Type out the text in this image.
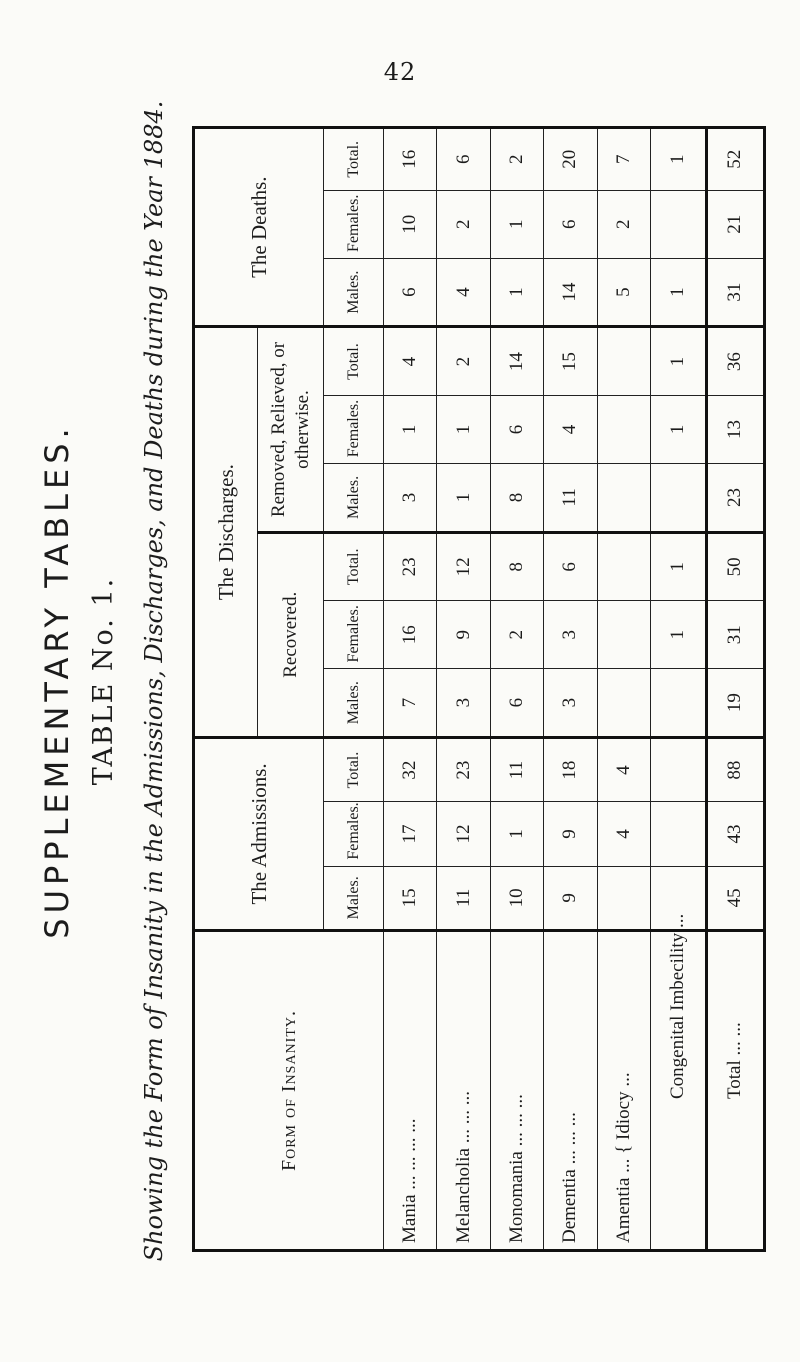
42
SUPPLEMENTARY TABLES. TABLE No. 1. Showing the Form of Insanity in the Admissions, Discharges, and Deaths during the Year 1884.	Form of Insanity.	The Admissions.			The Discharges.						The Deaths.		
				Recovered.			Removed, Relieved, or otherwise.					
	Males.	Females.	Total.	Males.	Females.	Total.	Males.	Females.	Total.	Males.	Females.	Total.
Mania ... ... ... ...	15	17	32	7	16	23	3	1	4	6	10	16
Melancholia ... ... ...	11	12	23	3	9	12	1	1	2	4	2	6
Monomania ... ... ...	10	1	11	6	2	8	8	6	14	1	1	2
Dementia ... ... ...	9	9	18	3	3	6	11	4	15	14	6	20
Amentia ... { Idiocy ...		4	4							5	2	7
Congenital Imbecility ...					1	1		1	1	1		1
Total ... ...	45	43	88	19	31	50	23	13	36	31	21	52
